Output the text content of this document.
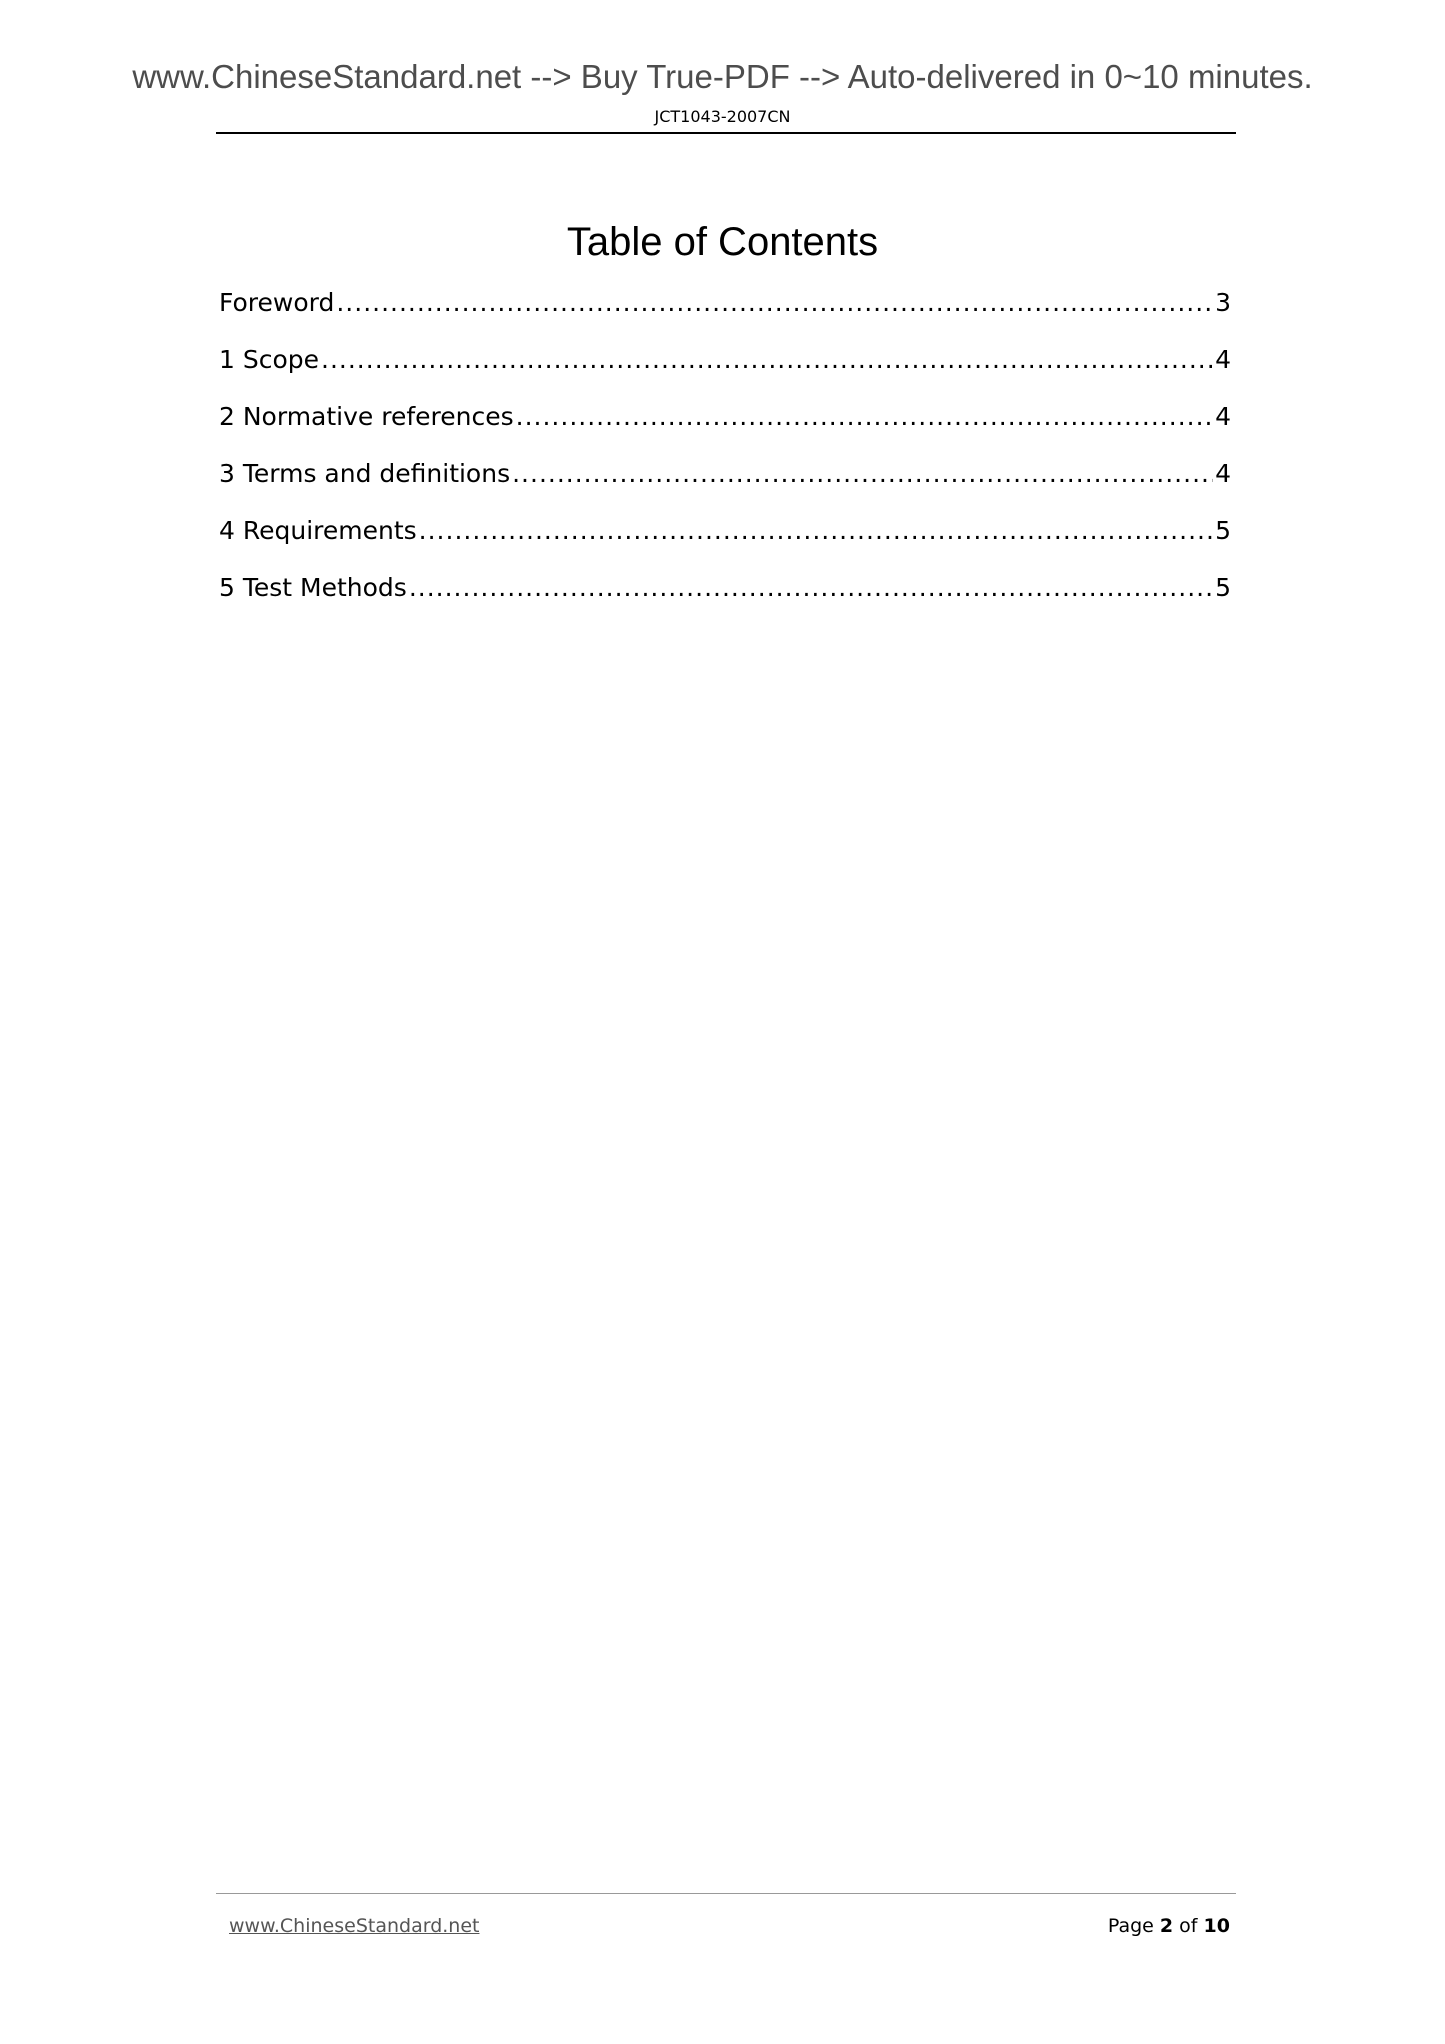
www.ChineseStandard.net --> Buy True-PDF --> Auto-delivered in 0~10 minutes.
JCT1043-2007CN
Table of Contents
Foreword .....	3
1 Scope .....	4
2 Normative references .....	4
3 Terms and definitions .....	4
4 Requirements .....	5
5 Test Methods .....	5
www.ChineseStandard.net	Page 2 of 10
